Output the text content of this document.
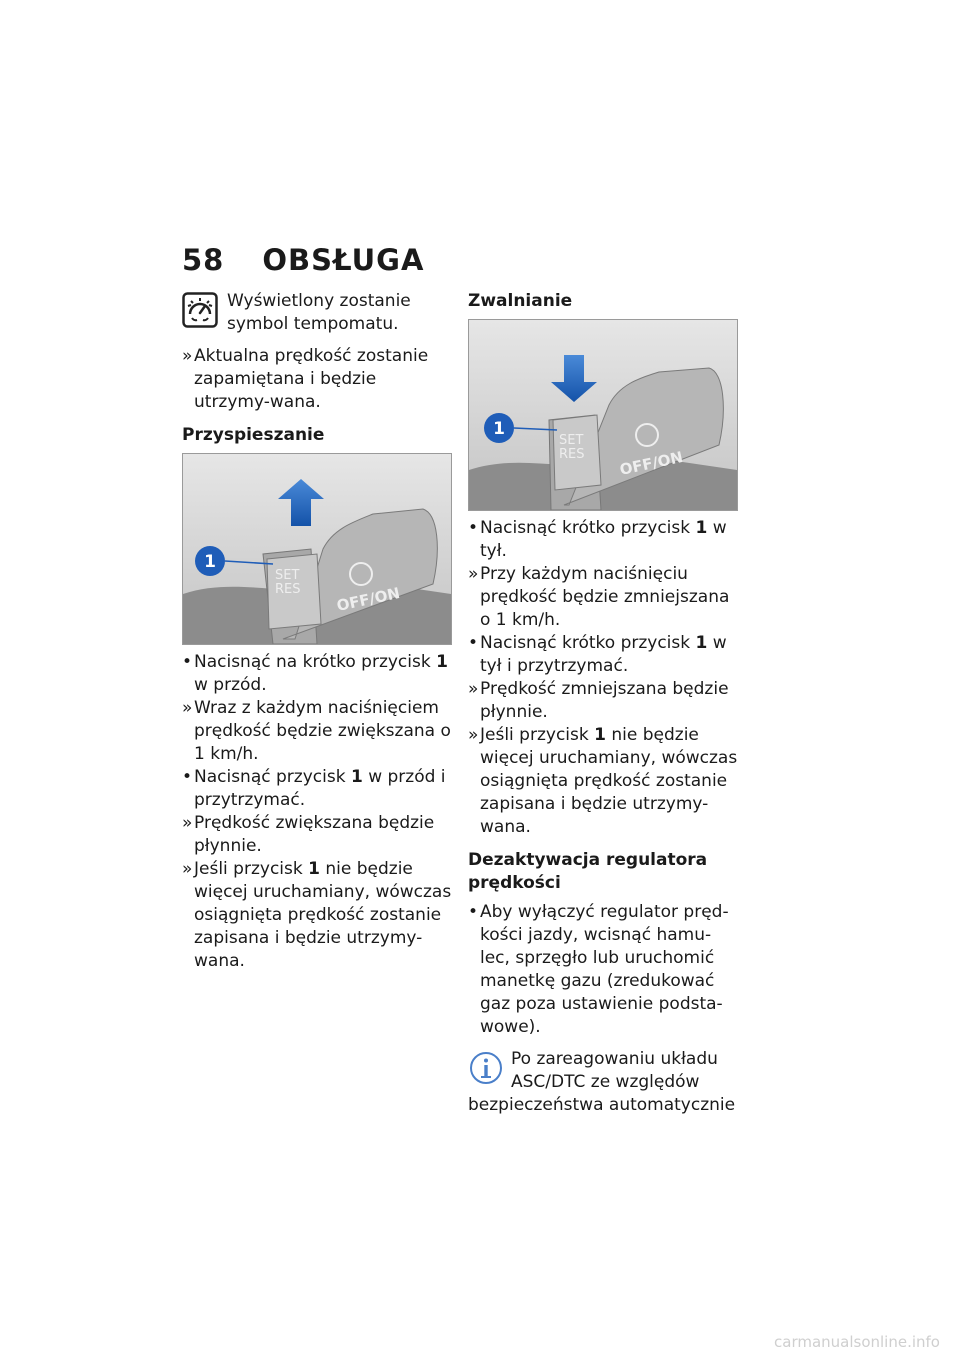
58 OBSŁUGA

Wyświetlony zostanie symbol tempomatu.

»Aktualna prędkość zostanie zapamiętana i będzie utrzymy-wana.

Przyspieszanie

1
SET
RES OFF/ON

• Nacisnąć na krótko przycisk 1 w przód.

»Wraz z każdym naciśnięciem prędkość będzie zwiększana o 1 km/h.

• Nacisnąć przycisk 1 w przód i przytrzymać.

»Prędkość zwiększana będzie płynnie.

»Jeśli przycisk 1 nie będzie więcej uruchamiany, wówczas osiągnięta prędkość zostanie zapisana i będzie utrzymy-wana.

Zwalnianie

1
SET
RES OFF/ON

• Nacisnąć krótko przycisk 1 w tył.

»Przy każdym naciśnięciu prędkość będzie zmniejszana o 1 km/h.

• Nacisnąć krótko przycisk 1 w tył i przytrzymać.

»Prędkość zmniejszana będzie płynnie.

»Jeśli przycisk 1 nie będzie więcej uruchamiany, wówczas osiągnięta prędkość zostanie zapisana i będzie utrzymy-wana.

Dezaktywacja regulatora prędkości

• Aby wyłączyć regulator pręd-kości jazdy, wcisnąć hamu-lec, sprzęgło lub uruchomić manetkę gazu (zredukować gaz poza ustawienie podsta-wowe).

Po zareagowaniu układu

ASC/DTC ze względów

bezpieczeństwa automatycznie

carmanualsonline.info
